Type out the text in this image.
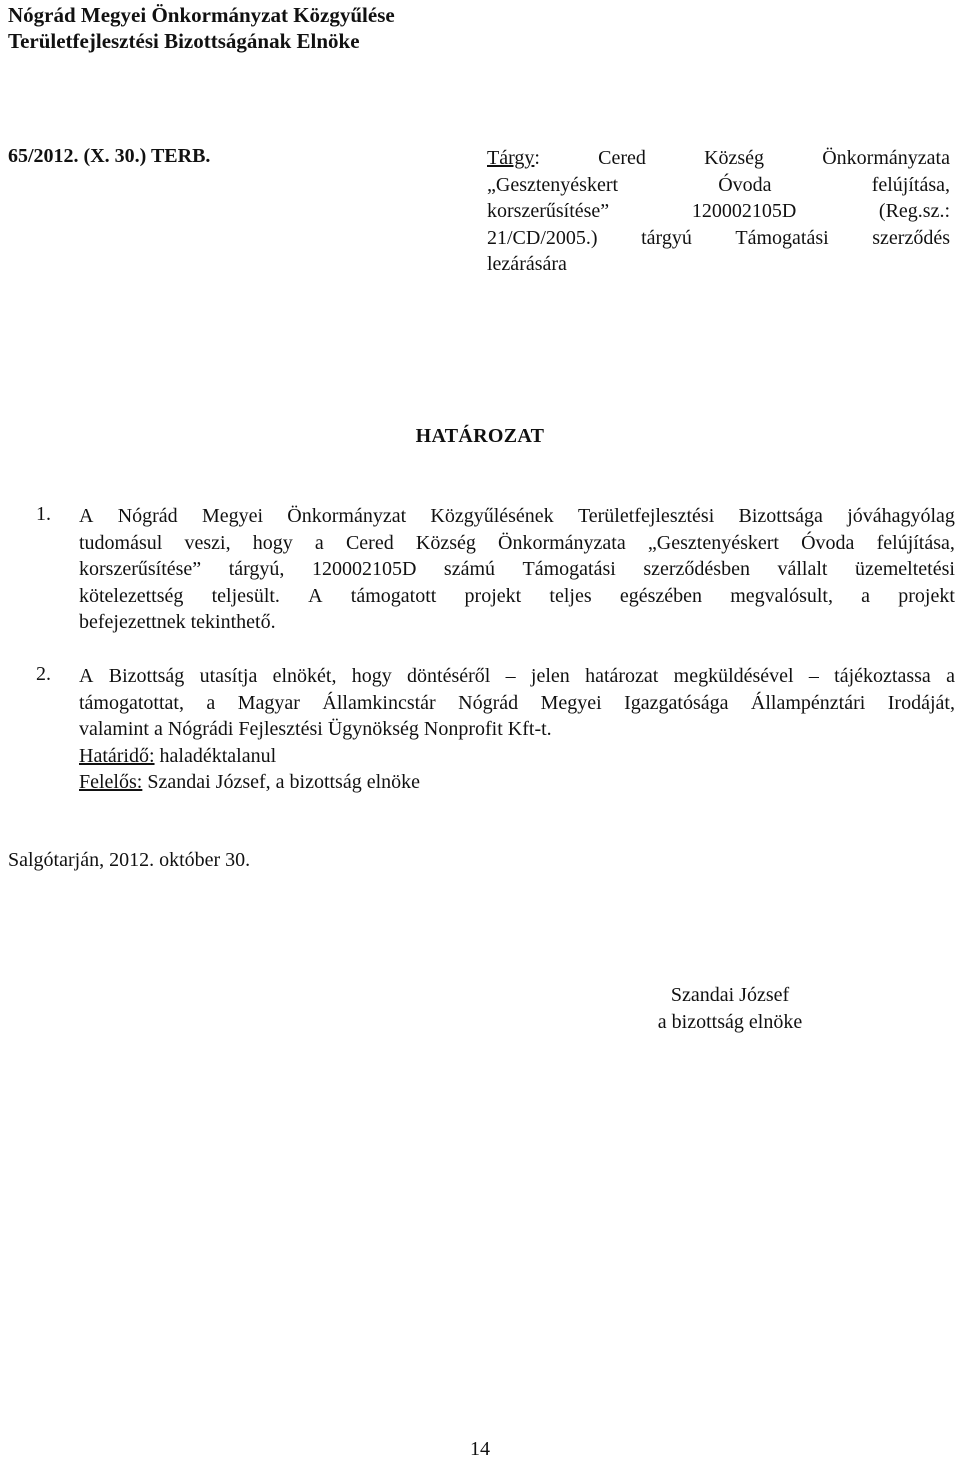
Nógrád Megyei Önkormányzat Közgyűlése
Területfejlesztési Bizottságának Elnöke
65/2012. (X. 30.) TERB.	Tárgy:	Cered	Község	Önkormányzata
„Gesztenyéskert	Óvoda	felújítása,
korszerűsítése”	120002105D	(Reg.sz.:
21/CD/2005.) tárgyú Támogatási szerződés
lezárására
HATÁROZAT
1. A Nógrád Megyei Önkormányzat Közgyűlésének Területfejlesztési Bizottsága jóváhagyólag
tudomásul veszi, hogy a Cered Község Önkormányzata „Gesztenyéskert Óvoda felújítása,
korszerűsítése” tárgyú, 120002105D számú Támogatási szerződésben vállalt üzemeltetési
kötelezettség teljesült. A támogatott projekt teljes egészében megvalósult, a projekt
befejezettnek tekinthető.
2. A Bizottság utasítja elnökét, hogy döntéséről – jelen határozat megküldésével – tájékoztassa a
támogatottat, a Magyar Államkincstár Nógrád Megyei Igazgatósága Állampénztári Irodáját,
valamint a Nógrádi Fejlesztési Ügynökség Nonprofit Kft-t.
Határidő: haladéktalanul
Felelős: Szandai József, a bizottság elnöke
Salgótarján, 2012. október 30.
Szandai József
a bizottság elnöke
14
